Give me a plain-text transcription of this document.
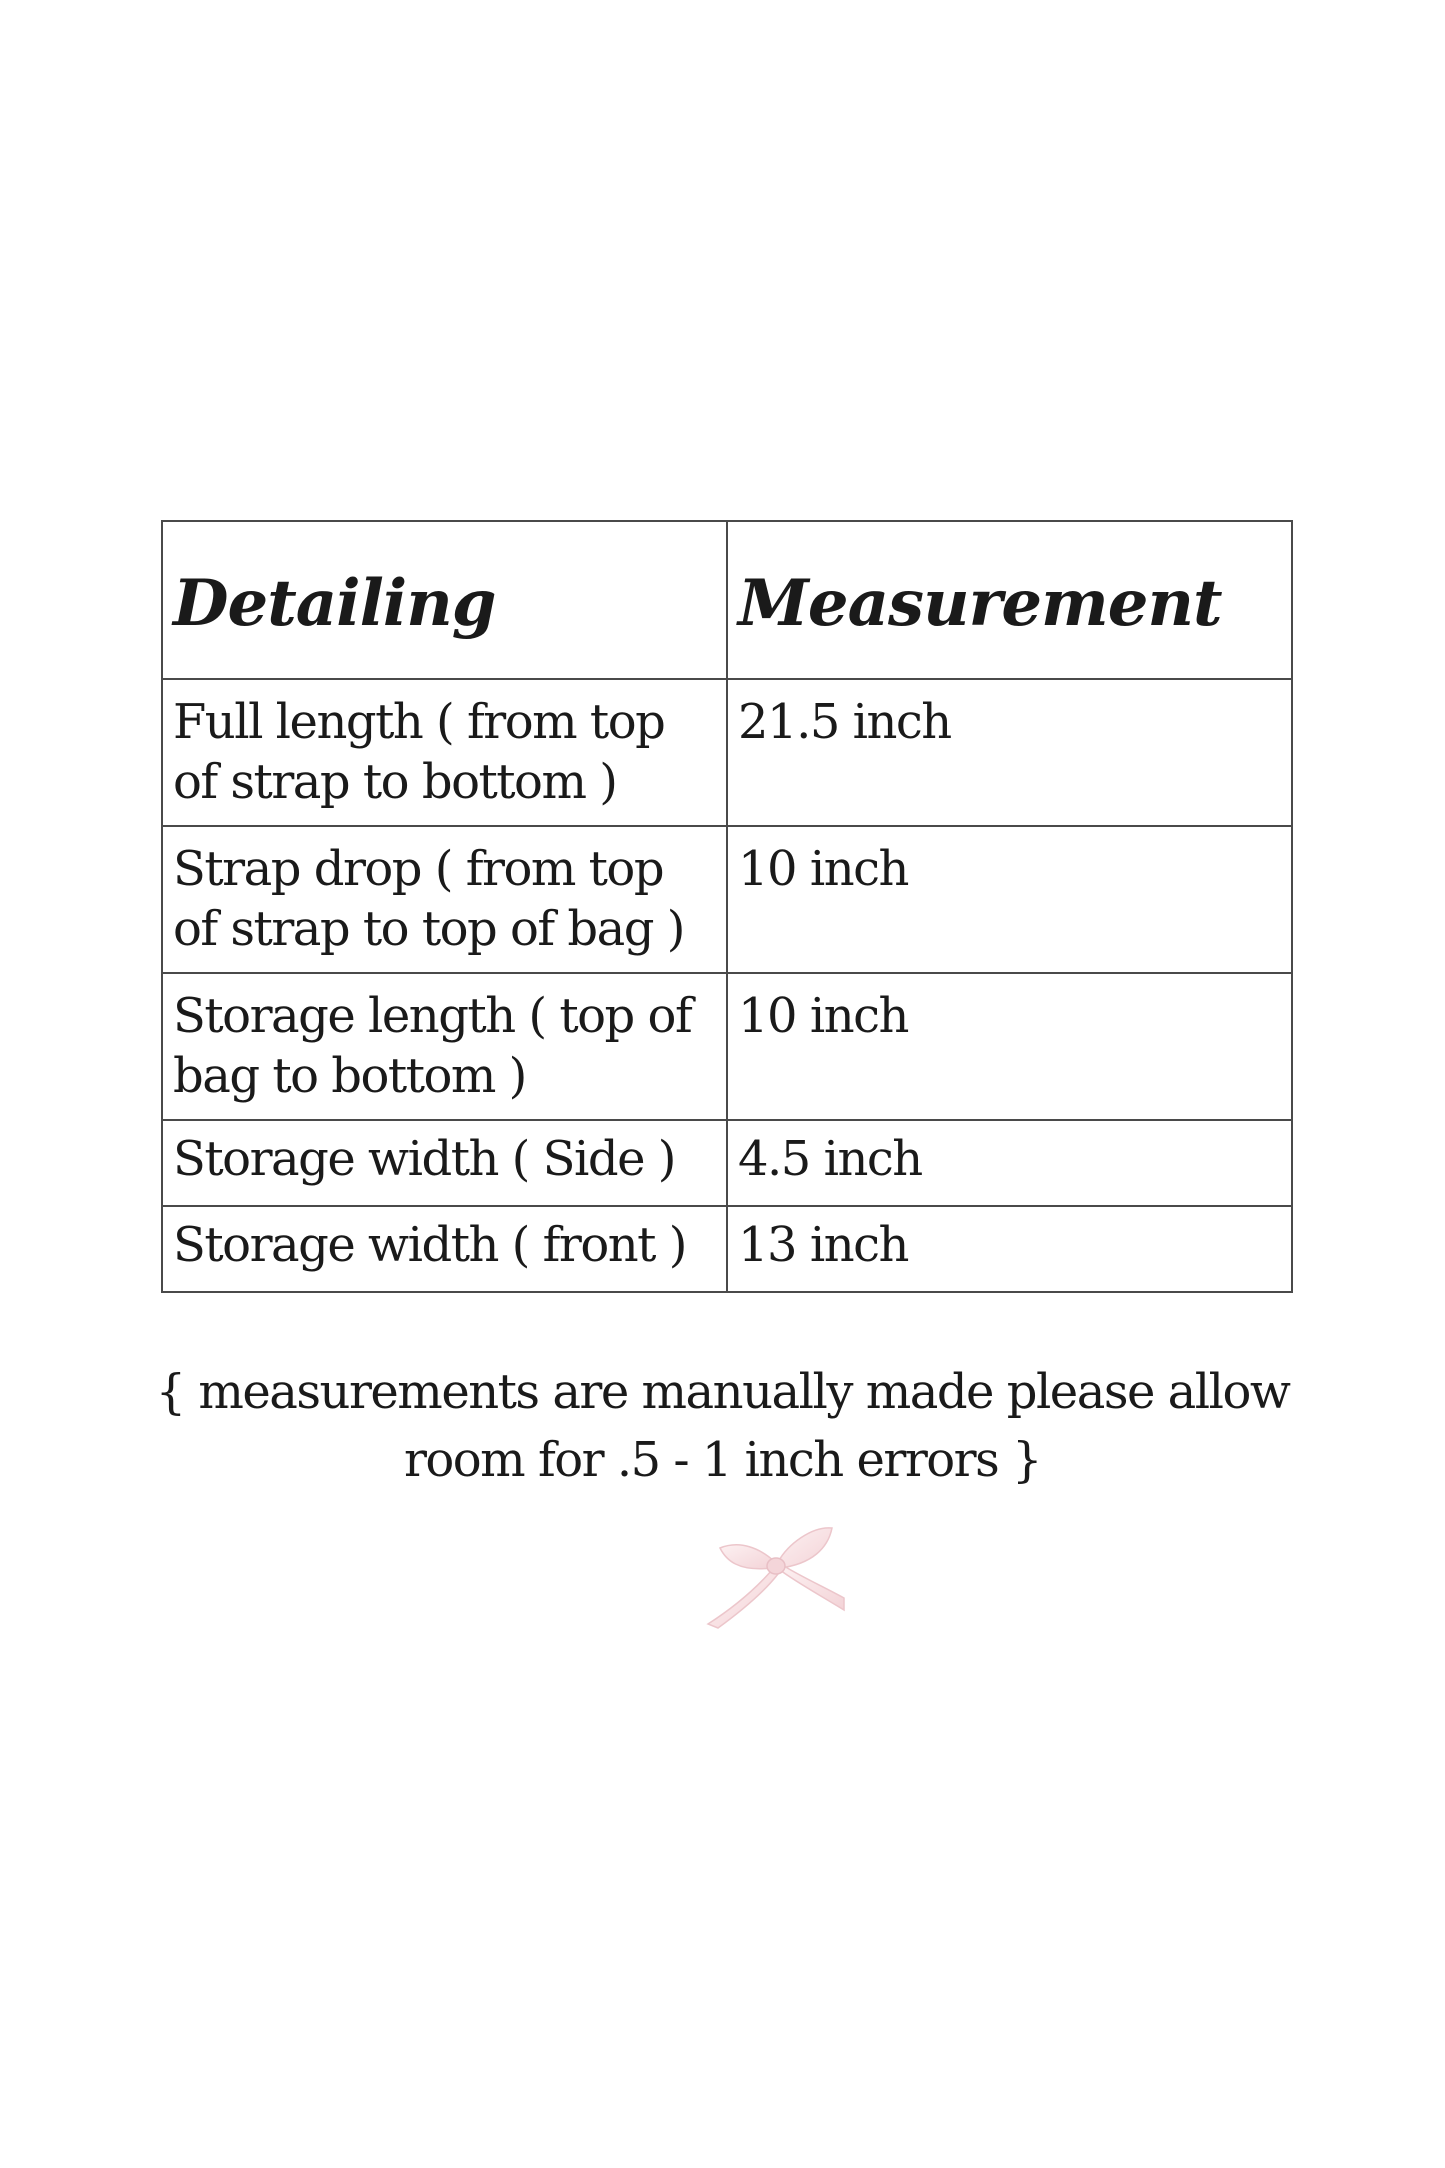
Detailing	Measurement
Full length ( from top of strap to bottom )	21.5 inch
Strap drop ( from top of strap to top of bag )	10 inch
Storage length ( top of bag to bottom )	10 inch
Storage width ( Side )	4.5 inch
Storage width ( front )	13 inch

{ measurements are manually made please allow
room for .5 - 1 inch errors }
